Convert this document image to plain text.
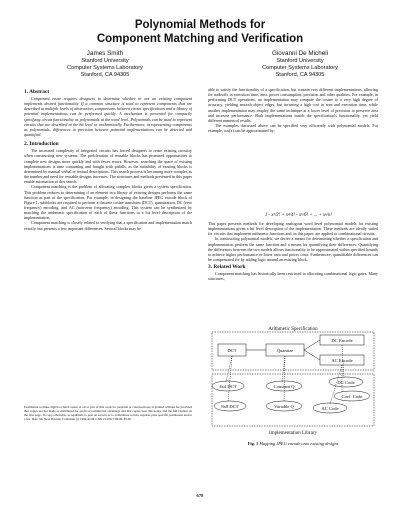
Polynomial Methods for
Component Matching and Verification
James Smith
Stanford University
Computer Systems Laboratory
Stanford, CA 94305
Giovanni De Micheli
Stanford University
Computer Systems Laboratory
Stanford, CA 94305
1. Abstract

Component reuse requires designers to determine whether or not an existing component implements desired functionality. If a common structure is used to represent components that are described at multiple levels of abstraction, comparisons between circuit specifications and a library of potential implementations can be performed quickly. A mechanism is presented for compactly specifying circuit functionality as polynomials at the word level. Polynomials can be used to represent circuits that are described at the bit level or arithmetically. Furthermore, in representing components as polynomials, differences in precision between potential implementations can be detected and quantified.

2. Introduction

The increased complexity of integrated circuits has forced designers to reuse existing circuitry when constructing new systems. The proliferation of reusable blocks has promised opportunities to complete new designs more quickly and with fewer errors. However, searching the space of existing implementations is time consuming and fraught with pitfalls, as the suitability of existing blocks is determined by manual verbal or textual descriptions. This search process is becoming more complex as the number and need for reusable designs increases. The structures and methods presented in this paper enable automation of this search.

Component matching is the problem of allocating complex blocks given a system specification. This problem reduces to determining if an element in a library of existing designs performs the same function as part of the specification. For example, in designing the baseline JPEG encode block of Figure 1, subblocks are required to perform a discrete cosine transform (DCT), quantization, DC (zero frequency) encoding, and AC (non-zero frequency) encoding. This system can be synthesized by matching the arithmetic specification of each of these functions to a bit level description of the implementation.

Component matching is closely related to verifying that a specification and implementation match exactly, but presents a few important differences. Several blocks may be

Permission to make digital or hard copies of all or part of this work for personal or classroom use is granted without fee provided that copies are not made or distributed for profit or commercial advantage and that copies bear this notice and the full citation on the first page. To copy otherwise, to republish, to post on servers or to redistribute to lists, requires prior specific permission and/or a fee. DAC 99, New Orleans, Louisiana (c) 1999 ACM 1-58113-109-7/99/06..$5.00

able to satisfy the functionality of a specification, but contain very different implementations, allowing for tradeoffs in execution time, area, power consumption, precision and other qualities. For example, in performing DCT operations, an implementation may compute the cosine to a very high degree of accuracy, yielding smooth object edges, but incurring a high cost in area and execution time, while another implementation may employ the same technique at a lower level of precision to preserve area and increase performance. Both implementations match the specification's functionality, yet yield different numerical results.

The examples discussed above can be specified very efficiently with polynomial models. For example, cos(x) can be approximated by:

1 - x²/2! + x⁴/4! - x⁶/6! + ... + xⁿ/n!

This paper presents methods for developing analogous word level polynomial models for existing implementations given a bit level description of the implementation. These methods are ideally suited for circuits that implement arithmetic functions and, in this paper, are applied to combinational circuits.

In constructing polynomial models, we derive a means for determining whether a specification and implementation perform the same function and a means for quantifying their differences. Quantifying the differences between the two models allows functionality to be approximated within specified bounds to achieve higher performance or lower area and power costs. Furthermore, quantifiable differences can be compensated for by adding logic around an existing block.

3. Related Work

Component matching has historically been restricted to allocating combinational logic gates. Many structures,

Arithmetic Specification
DCT	Quantize
DC Encode
AC Encode
4x4 DCT	Constant Q
DC Code
Coef. Code
8x8 DCT	Variable Q	AC Code
Implementation Library
Fig. 1 Mapping JPEG encode onto existing designs
678
